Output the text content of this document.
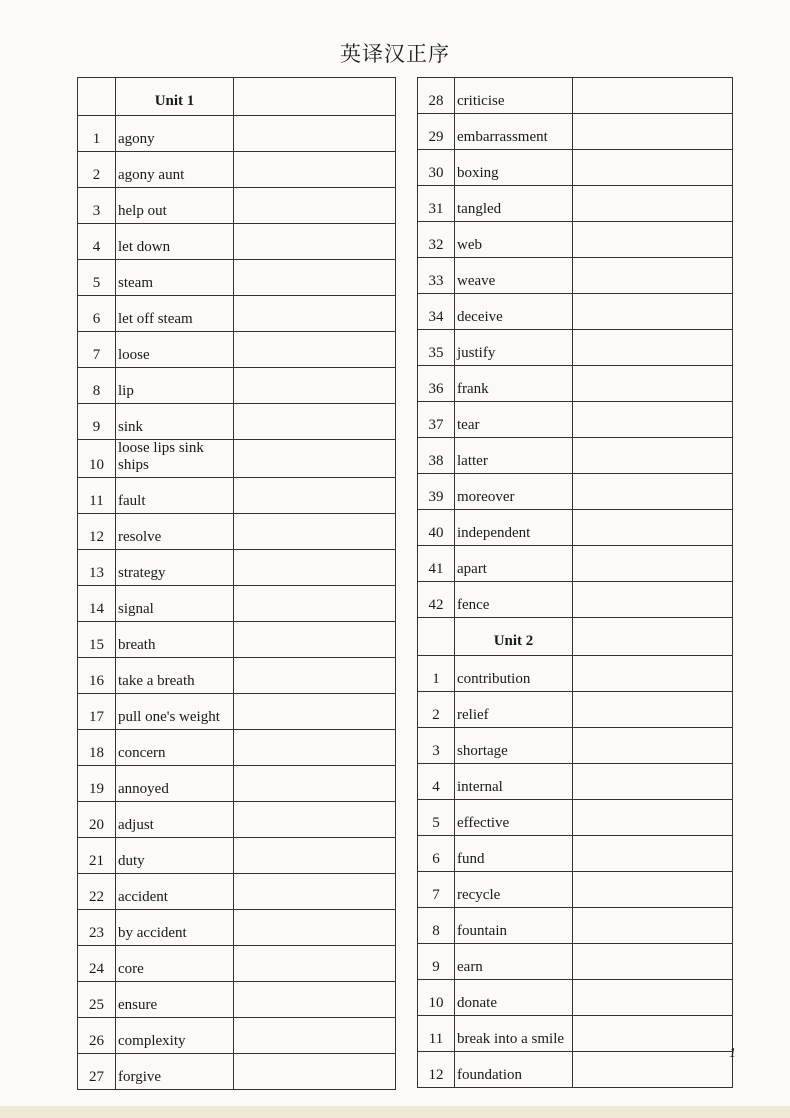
英译汉正序
	Unit 1	
1	agony	
2	agony aunt	
3	help out	
4	let down	
5	steam	
6	let off steam	
7	loose	
8	lip	
9	sink	
10	loose lips sink ships	
11	fault	
12	resolve	
13	strategy	
14	signal	
15	breath	
16	take a breath	
17	pull one's weight	
18	concern	
19	annoyed	
20	adjust	
21	duty	
22	accident	
23	by accident	
24	core	
25	ensure	
26	complexity	
27	forgive	
28	criticise	
29	embarrassment	
30	boxing	
31	tangled	
32	web	
33	weave	
34	deceive	
35	justify	
36	frank	
37	tear	
38	latter	
39	moreover	
40	independent	
41	apart	
42	fence	
	Unit 2	
1	contribution	
2	relief	
3	shortage	
4	internal	
5	effective	
6	fund	
7	recycle	
8	fountain	
9	earn	
10	donate	
11	break into a smile	
12	foundation	
1
